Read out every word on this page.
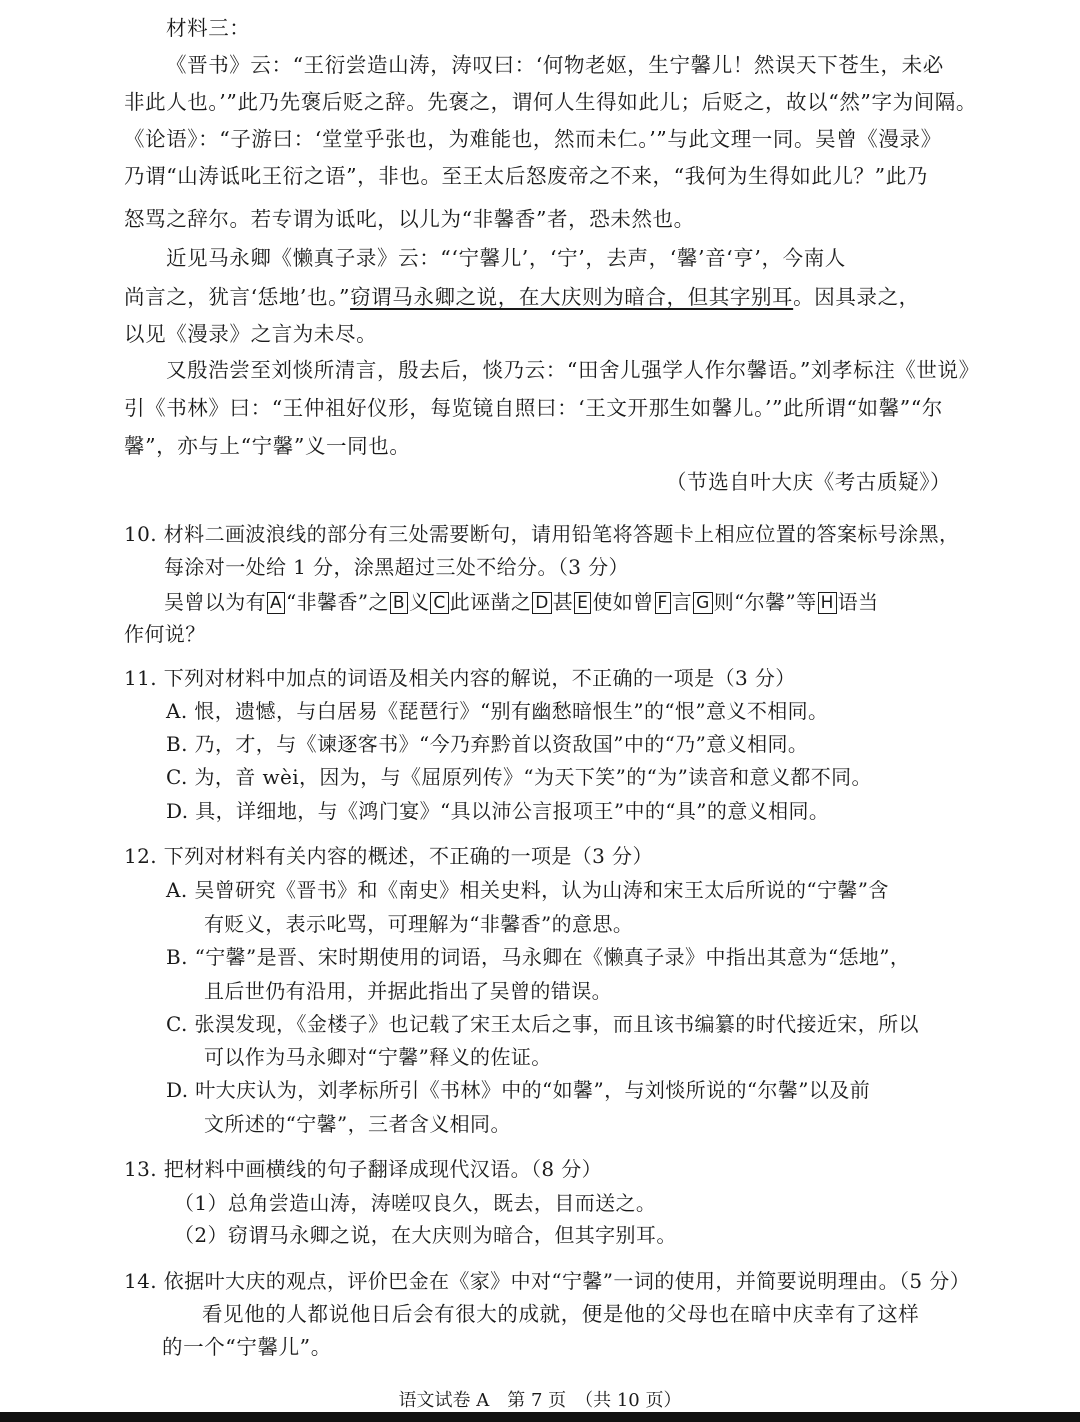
材料三：
《晋书》云：“王衍尝造山涛，涛叹曰：‘何物老妪，生宁馨儿！然误天下苍生，未必
非此人也。’”此乃先褒后贬之辞。先褒之，谓何人生得如此儿；后贬之，故以“然”字为间隔。
《论语》：“子游曰：‘堂堂乎张也，为难能也，然而未仁。’”与此文理一同。吴曾《漫录》
乃谓“山涛诋叱王衍之语”，非也。至王太后怒废帝之不来，“我何为生得如此儿？”此乃
怒骂之辞尔。若专谓为诋叱，以儿为“非馨香”者，恐未然也。
近见马永卿《懒真子录》云：“‘宁馨儿’，‘宁’，去声，‘馨’音‘亨’，今南人
尚言之，犹言‘恁地’也。”窃谓马永卿之说，在大庆则为暗合，但其字别耳。因具录之，
以见《漫录》之言为未尽。
又殷浩尝至刘惔所清言，殷去后，惔乃云：“田舍儿强学人作尔馨语。”刘孝标注《世说》
引《书林》曰：“王仲祖好仪形，每览镜自照曰：‘王文开那生如馨儿。’”此所谓“如馨”“尔
馨”，亦与上“宁馨”义一同也。
（节选自叶大庆《考古质疑》）
10. 材料二画波浪线的部分有三处需要断句，请用铅笔将答题卡上相应位置的答案标号涂黑，
每涂对一处给 1 分，涂黑超过三处不给分。（3 分）
吴曾以为有 A “非馨香”之 B 义 C 此诬凿之 D 甚 E 使如曾 F 言 G 则“尔馨”等 H 语当
作何说？
11. 下列对材料中加点的词语及相关内容的解说，不正确的一项是（3 分）
A. 恨，遗憾，与白居易《琵琶行》“别有幽愁暗恨生”的“恨”意义不相同。
B. 乃，才，与《谏逐客书》“今乃弃黔首以资敌国”中的“乃”意义相同。
C. 为，音 wèi，因为，与《屈原列传》“为天下笑”的“为”读音和意义都不同。
D. 具，详细地，与《鸿门宴》“具以沛公言报项王”中的“具”的意义相同。
12. 下列对材料有关内容的概述，不正确的一项是（3 分）
A. 吴曾研究《晋书》和《南史》相关史料，认为山涛和宋王太后所说的“宁馨”含
有贬义，表示叱骂，可理解为“非馨香”的意思。
B. “宁馨”是晋、宋时期使用的词语，马永卿在《懒真子录》中指出其意为“恁地”，
且后世仍有沿用，并据此指出了吴曾的错误。
C. 张淏发现，《金楼子》也记载了宋王太后之事，而且该书编纂的时代接近宋，所以
可以作为马永卿对“宁馨”释义的佐证。
D. 叶大庆认为，刘孝标所引《书林》中的“如馨”，与刘惔所说的“尔馨”以及前
文所述的“宁馨”，三者含义相同。
13. 把材料中画横线的句子翻译成现代汉语。（8 分）
（1）总角尝造山涛，涛嗟叹良久，既去，目而送之。
（2）窃谓马永卿之说，在大庆则为暗合，但其字别耳。
14. 依据叶大庆的观点，评价巴金在《家》中对“宁馨”一词的使用，并简要说明理由。（5 分）
看见他的人都说他日后会有很大的成就，便是他的父母也在暗中庆幸有了这样
的一个“宁馨儿”。
语文试卷 A　第 7 页　（共 10 页）
